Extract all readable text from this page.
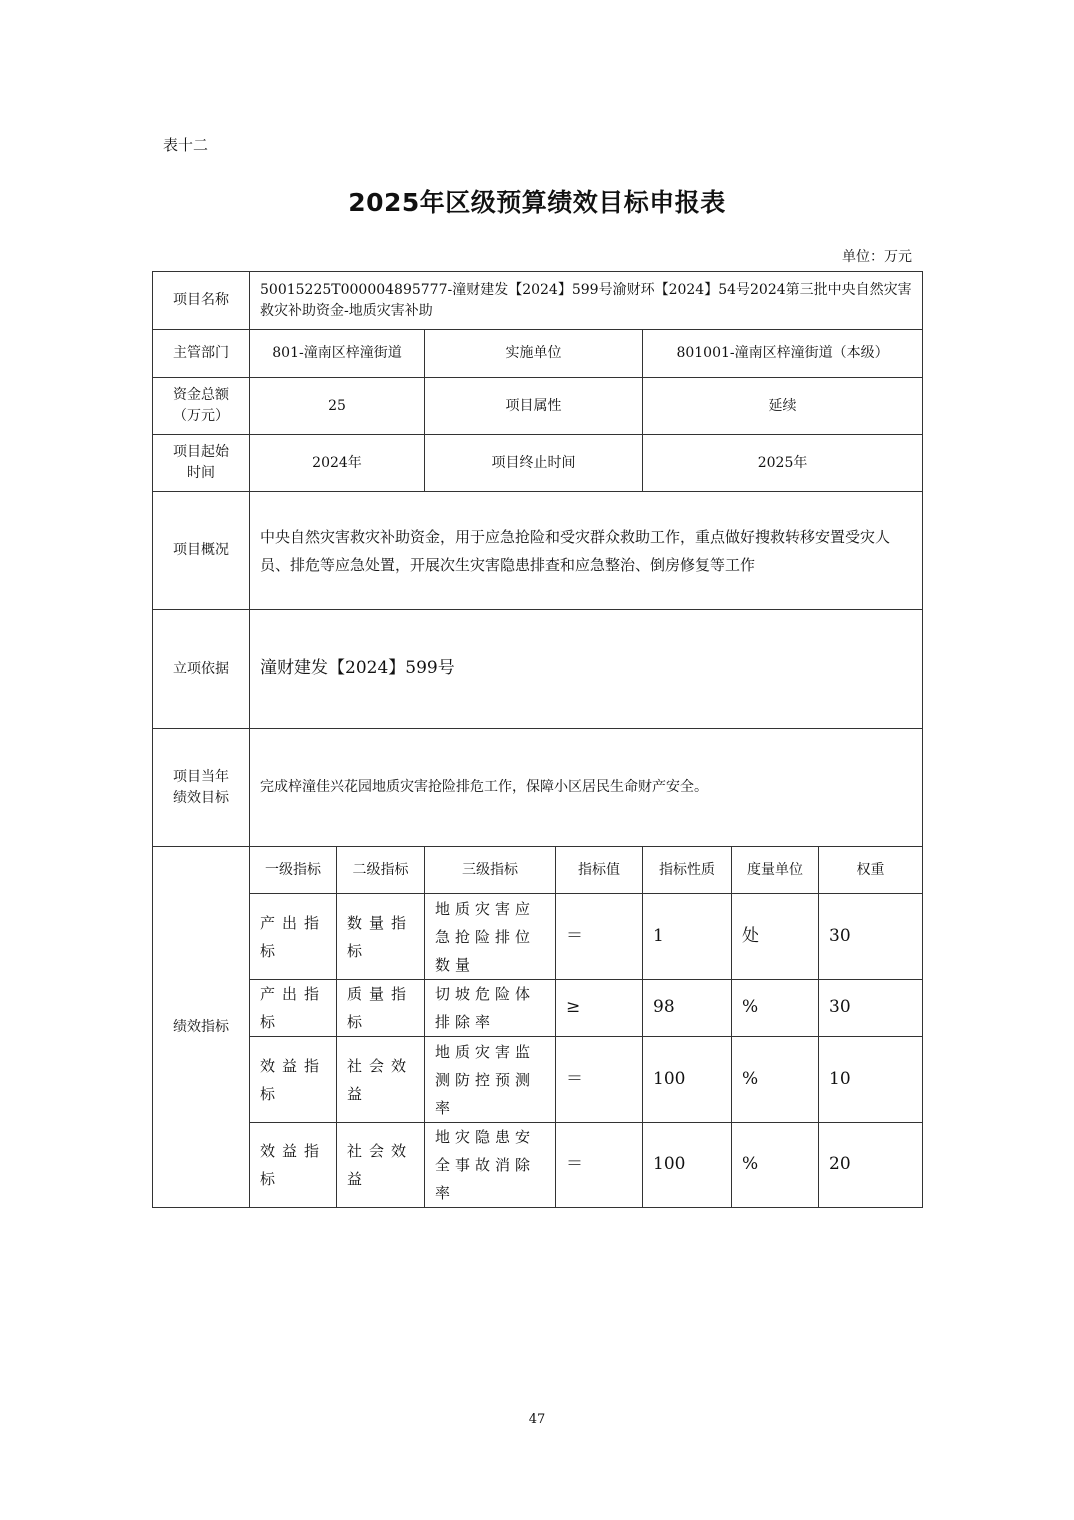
表十二
2025年区级预算绩效目标申报表
单位：万元
项目名称	50015225T000004895777-潼财建发【2024】599号渝财环【2024】54号2024第三批中央自然灾害救灾补助资金-地质灾害补助						
主管部门	801-潼南区梓潼街道		实施单位		801001-潼南区梓潼街道（本级）		
资金总额（万元）	25		项目属性		延续		
项目起始时间	2024年		项目终止时间		2025年		
项目概况	中央自然灾害救灾补助资金，用于应急抢险和受灾群众救助工作，重点做好搜救转移安置受灾人员、排危等应急处置，开展次生灾害隐患排查和应急整治、倒房修复等工作						
立项依据	潼财建发【2024】599号						
项目当年绩效目标	完成梓潼佳兴花园地质灾害抢险排危工作，保障小区居民生命财产安全。						
绩效指标	一级指标	二级指标	三级指标	指标值	指标性质	度量单位	权重
	产出指标	数量指标	地质灾害应急抢险排位数量	＝	1	处	30
	产出指标	质量指标	切坡危险体排除率	≥	98	%	30
	效益指标	社会效益	地质灾害监测防控预测率	＝	100	%	10
	效益指标	社会效益	地灾隐患安全事故消除率	＝	100	%	20
47
